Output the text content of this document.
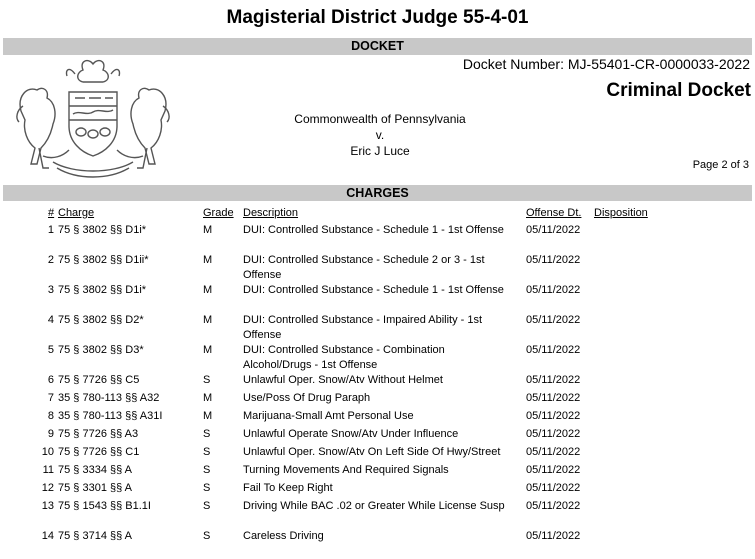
Magisterial District Judge 55-4-01
DOCKET
Docket Number: MJ-55401-CR-0000033-2022
Criminal Docket
Commonwealth of Pennsylvania
v.
Eric J Luce
Page 2 of 3
CHARGES
# Charge	Grade Description	Offense Dt. Disposition
1 75 § 3802 §§ D1i*	M	DUI: Controlled Substance - Schedule 1 - 1st Offense 05/11/2022
2 75 § 3802 §§ D1ii*	M	DUI: Controlled Substance - Schedule 2 or 3 - 1st Offense
05/11/2022
3 75 § 3802 §§ D1i*	M	DUI: Controlled Substance - Schedule 1 - 1st Offense 05/11/2022
4 75 § 3802 §§ D2*	M	DUI: Controlled Substance - Impaired Ability - 1st Offense
05/11/2022
5 75 § 3802 §§ D3*	M	DUI: Controlled Substance - Combination Alcohol/Drugs - 1st Offense
05/11/2022
6 75 § 7726 §§ C5	S	Unlawful Oper. Snow/Atv Without Helmet	05/11/2022
7 35 § 780-113 §§ A32	M	Use/Poss Of Drug Paraph	05/11/2022
8 35 § 780-113 §§ A31I	M	Marijuana-Small Amt Personal Use	05/11/2022
9 75 § 7726 §§ A3	S	Unlawful Operate Snow/Atv Under Influence	05/11/2022
10 75 § 7726 §§ C1	S	Unlawful Oper. Snow/Atv On Left Side Of Hwy/Street	05/11/2022
11 75 § 3334 §§ A	S	Turning Movements And Required Signals	05/11/2022
12 75 § 3301 §§ A	S	Fail To Keep Right	05/11/2022
13 75 § 1543 §§ B1.1I	S	Driving While BAC .02 or Greater While License Susp 05/11/2022
14 75 § 3714 §§ A	S	Careless Driving	05/11/2022
